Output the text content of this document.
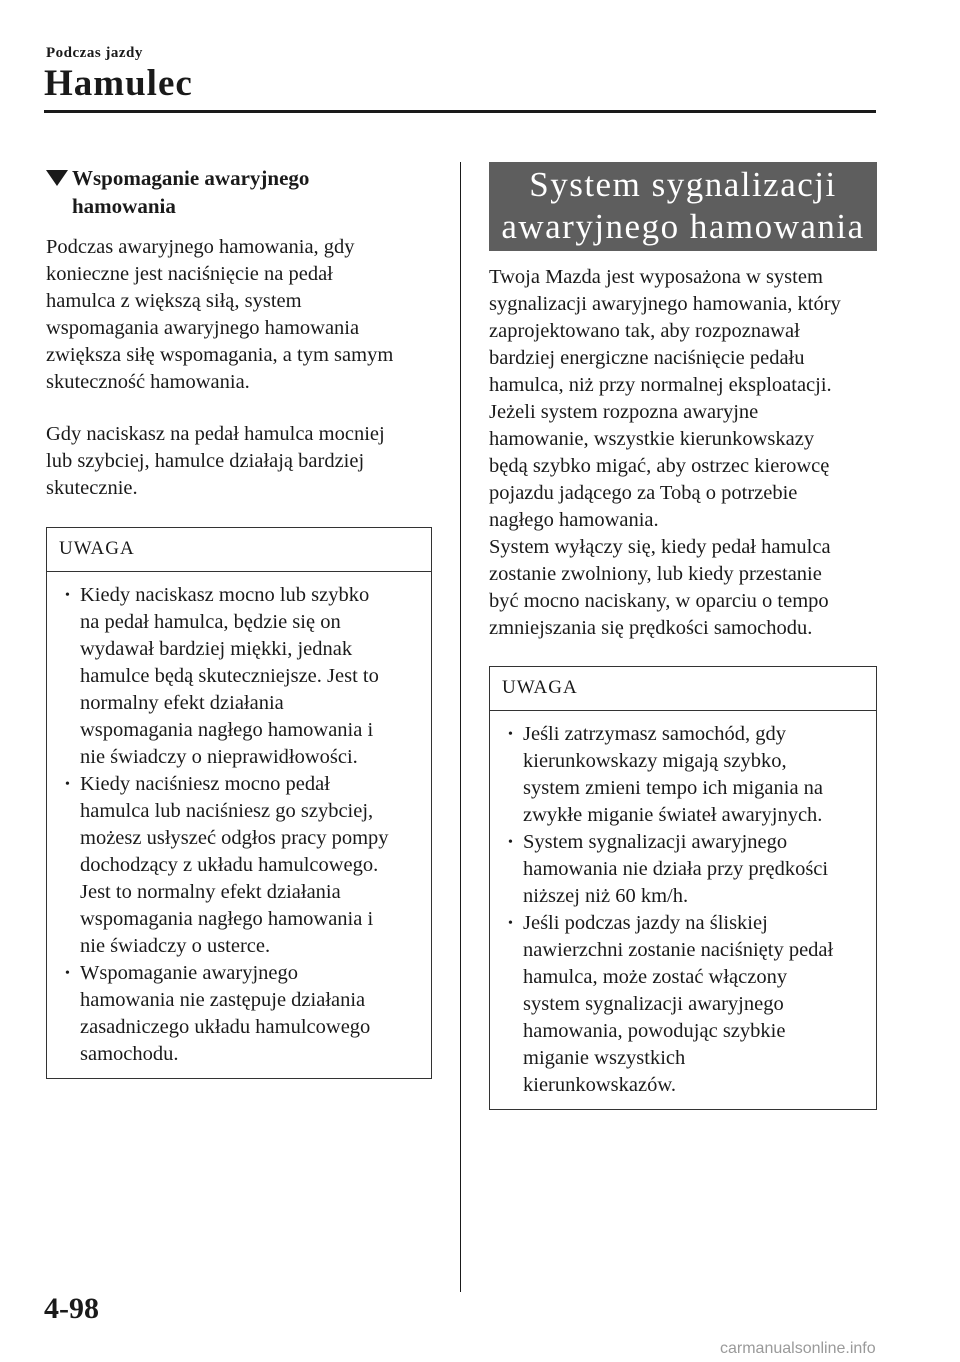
Podczas jazdy
Hamulec
Wspomaganie awaryjnego
hamowania

Podczas awaryjnego hamowania, gdy
konieczne jest naciśnięcie na pedał
hamulca z większą siłą, system
wspomagania awaryjnego hamowania
zwiększa siłę wspomagania, a tym samym
skuteczność hamowania.

Gdy naciskasz na pedał hamulca mocniej
lub szybciej, hamulce działają bardziej
skutecznie.

UWAGA
• Kiedy naciskasz mocno lub szybko
na pedał hamulca, będzie się on
wydawał bardziej miękki, jednak
hamulce będą skuteczniejsze. Jest to
normalny efekt działania
wspomagania nagłego hamowania i
nie świadczy o nieprawidłowości.
• Kiedy naciśniesz mocno pedał
hamulca lub naciśniesz go szybciej,
możesz usłyszeć odgłos pracy pompy
dochodzący z układu hamulcowego.
Jest to normalny efekt działania
wspomagania nagłego hamowania i
nie świadczy o usterce.
• Wspomaganie awaryjnego
hamowania nie zastępuje działania
zasadniczego układu hamulcowego
samochodu.
System sygnalizacji
awaryjnego hamowania

Twoja Mazda jest wyposażona w system
sygnalizacji awaryjnego hamowania, który
zaprojektowano tak, aby rozpoznawał
bardziej energiczne naciśnięcie pedału
hamulca, niż przy normalnej eksploatacji.
Jeżeli system rozpozna awaryjne
hamowanie, wszystkie kierunkowskazy
będą szybko migać, aby ostrzec kierowcę
pojazdu jadącego za Tobą o potrzebie
nagłego hamowania.
System wyłączy się, kiedy pedał hamulca
zostanie zwolniony, lub kiedy przestanie
być mocno naciskany, w oparciu o tempo
zmniejszania się prędkości samochodu.

UWAGA
• Jeśli zatrzymasz samochód, gdy
kierunkowskazy migają szybko,
system zmieni tempo ich migania na
zwykłe miganie świateł awaryjnych.
• System sygnalizacji awaryjnego
hamowania nie działa przy prędkości
niższej niż 60 km/h.
• Jeśli podczas jazdy na śliskiej
nawierzchni zostanie naciśnięty pedał
hamulca, może zostać włączony
system sygnalizacji awaryjnego
hamowania, powodując szybkie
miganie wszystkich
kierunkowskazów.
4-98
carmanualsonline.info
